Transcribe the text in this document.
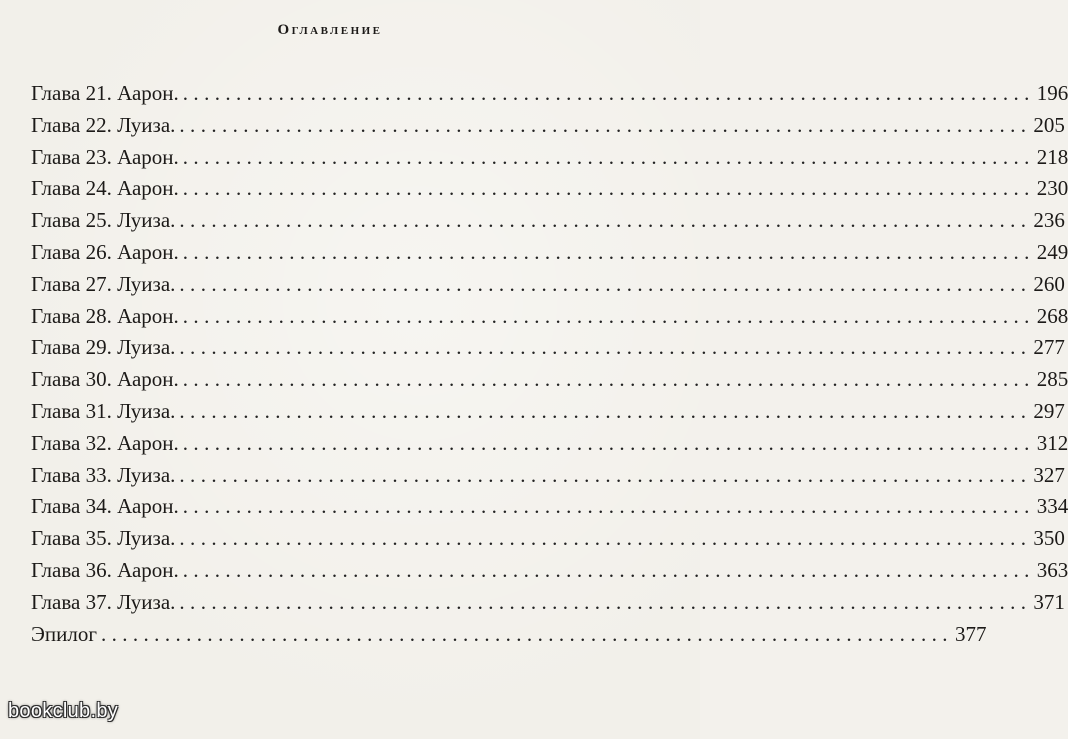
Оглавление
Глава 21. Аарон. ................................................................................ 196
Глава 22. Луиза. ................................................................................ 205
Глава 23. Аарон. ................................................................................ 218
Глава 24. Аарон. ................................................................................ 230
Глава 25. Луиза. ................................................................................ 236
Глава 26. Аарон. ................................................................................ 249
Глава 27. Луиза. ................................................................................ 260
Глава 28. Аарон. ................................................................................ 268
Глава 29. Луиза. ................................................................................ 277
Глава 30. Аарон. ................................................................................ 285
Глава 31. Луиза. ................................................................................ 297
Глава 32. Аарон. ................................................................................ 312
Глава 33. Луиза. ................................................................................ 327
Глава 34. Аарон. ................................................................................ 334
Глава 35. Луиза. ................................................................................ 350
Глава 36. Аарон. ................................................................................ 363
Глава 37. Луиза. ................................................................................ 371
Эпилог ................................................................................ 377
bookclub.by
